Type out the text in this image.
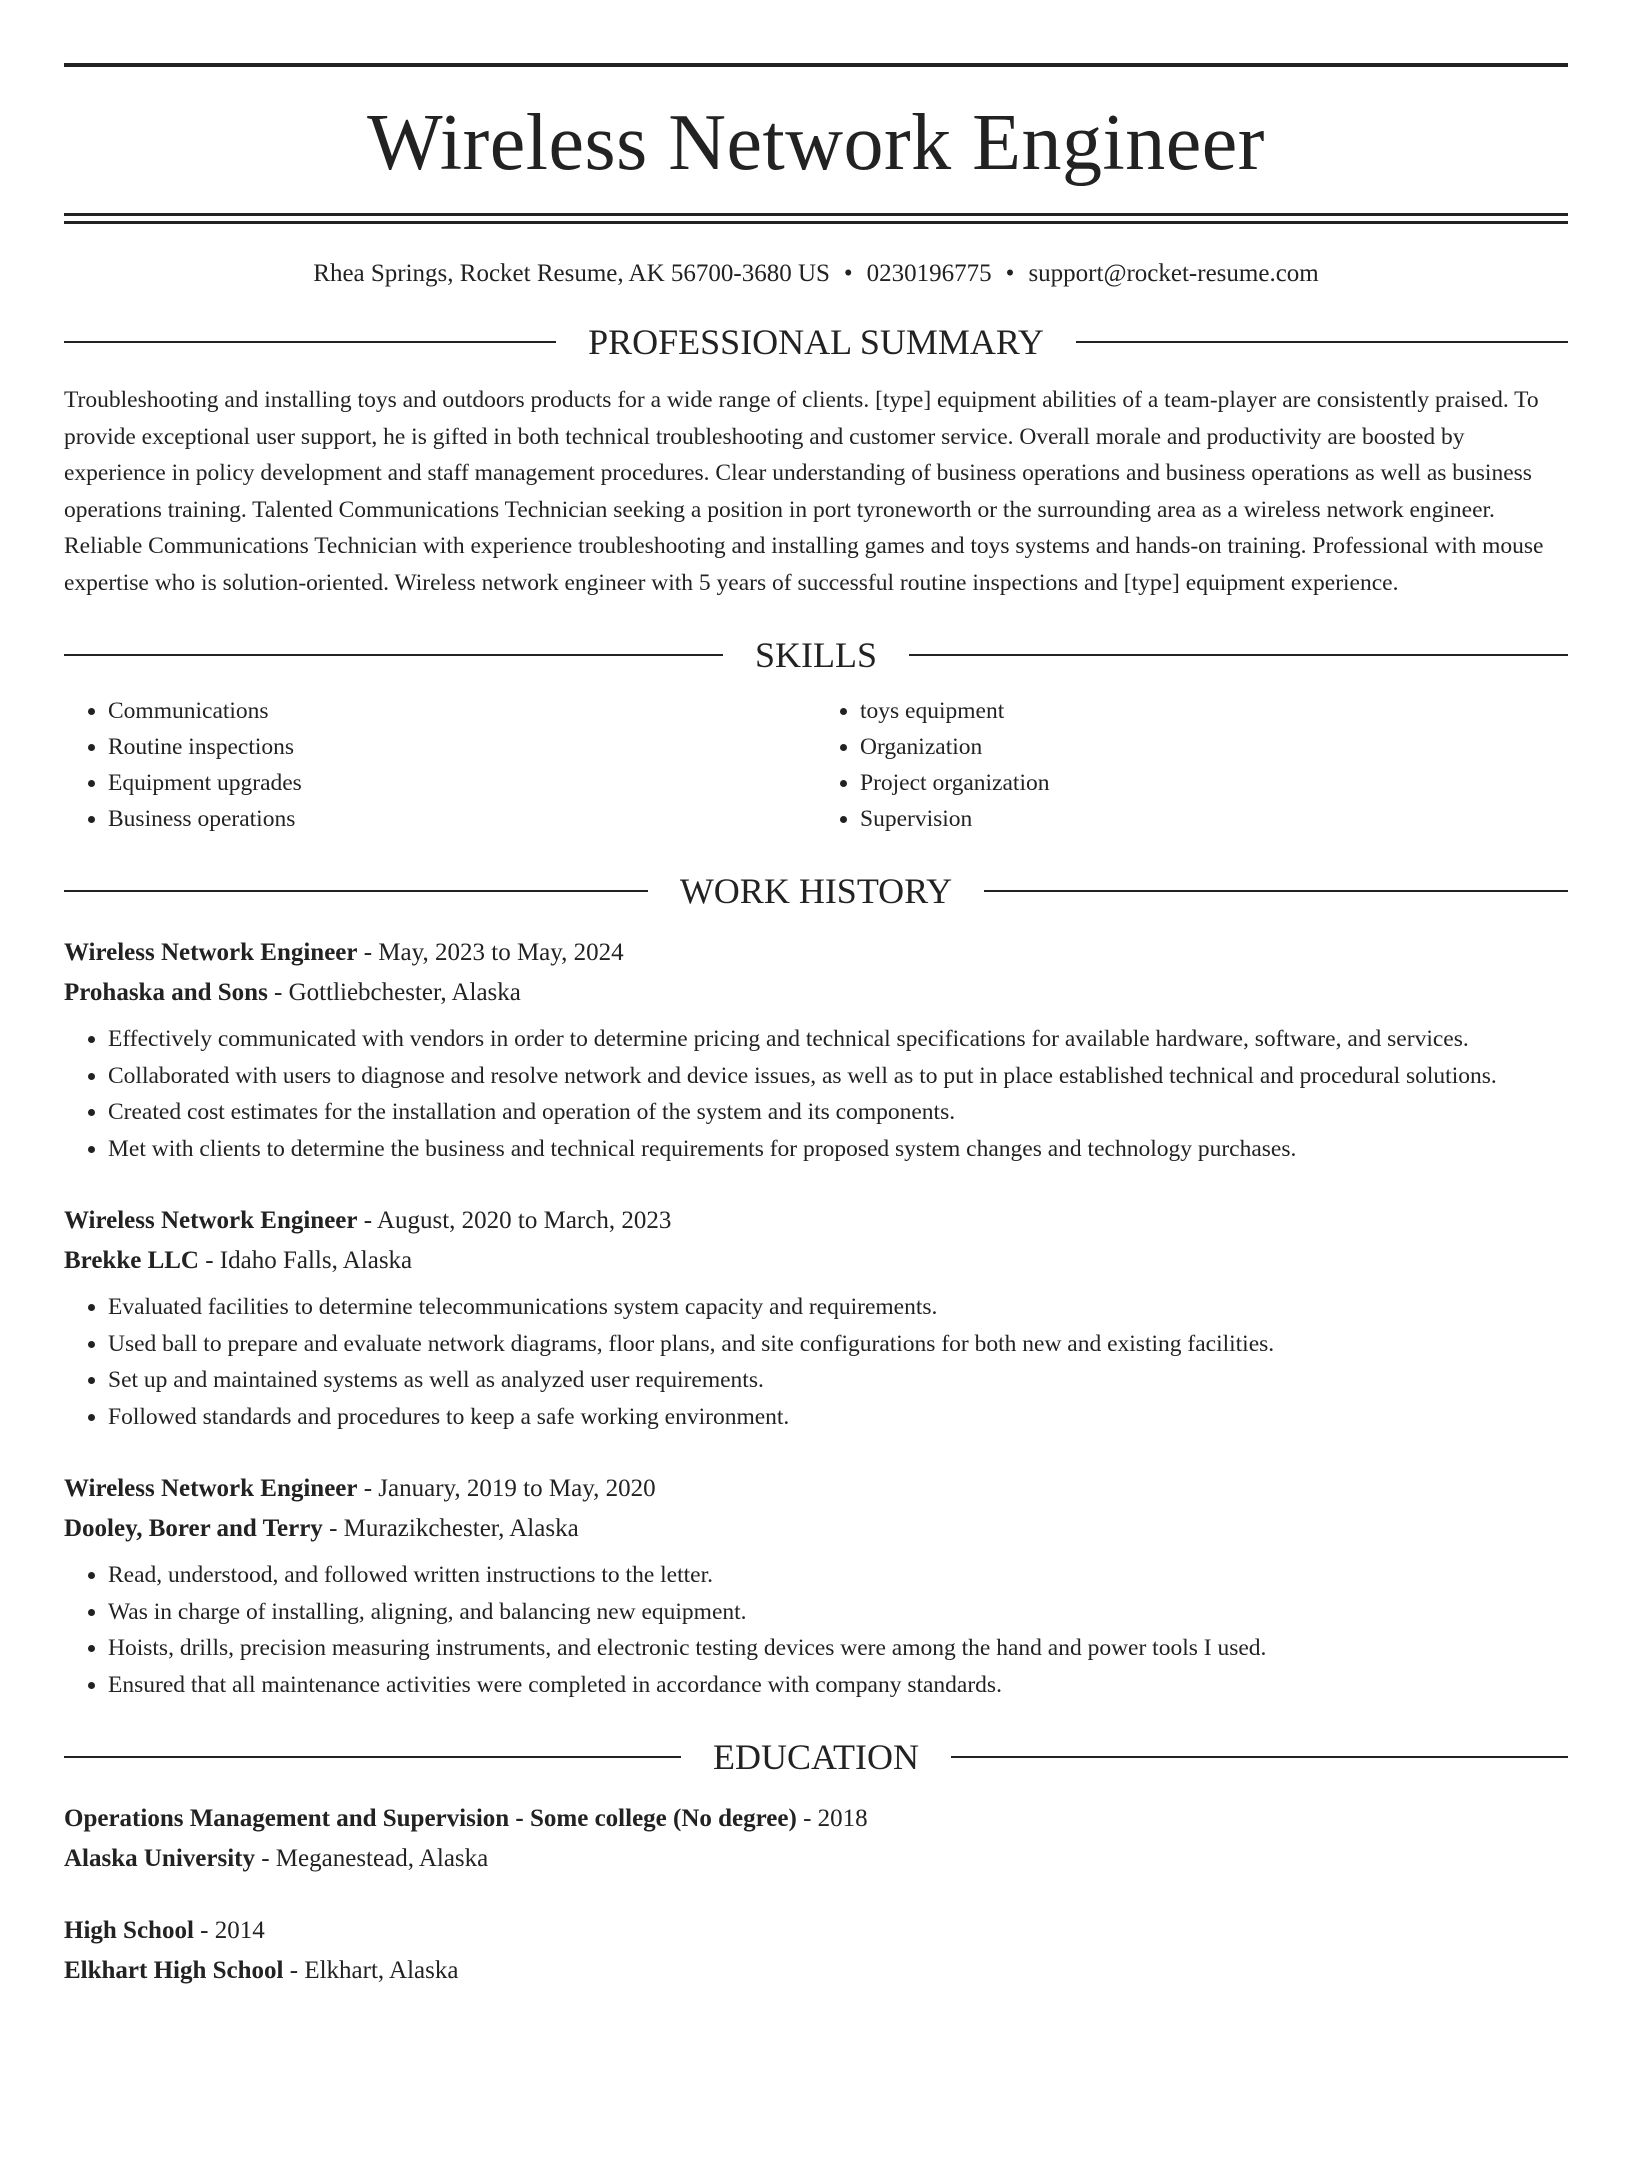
Wireless Network Engineer
Rhea Springs, Rocket Resume, AK 56700-3680 US • 0230196775 • support@rocket-resume.com
PROFESSIONAL SUMMARY
Troubleshooting and installing toys and outdoors products for a wide range of clients. [type] equipment abilities of a team-player are consistently praised. To provide exceptional user support, he is gifted in both technical troubleshooting and customer service. Overall morale and productivity are boosted by experience in policy development and staff management procedures. Clear understanding of business operations and business operations as well as business operations training. Talented Communications Technician seeking a position in port tyroneworth or the surrounding area as a wireless network engineer. Reliable Communications Technician with experience troubleshooting and installing games and toys systems and hands-on training. Professional with mouse expertise who is solution-oriented. Wireless network engineer with 5 years of successful routine inspections and [type] equipment experience.
SKILLS
• Communications
• Routine inspections
• Equipment upgrades
• Business operations
• toys equipment
• Organization
• Project organization
• Supervision
WORK HISTORY
Wireless Network Engineer - May, 2023 to May, 2024
Prohaska and Sons - Gottliebchester, Alaska
• Effectively communicated with vendors in order to determine pricing and technical specifications for available hardware, software, and services.
• Collaborated with users to diagnose and resolve network and device issues, as well as to put in place established technical and procedural solutions.
• Created cost estimates for the installation and operation of the system and its components.
• Met with clients to determine the business and technical requirements for proposed system changes and technology purchases.
Wireless Network Engineer - August, 2020 to March, 2023
Brekke LLC - Idaho Falls, Alaska
• Evaluated facilities to determine telecommunications system capacity and requirements.
• Used ball to prepare and evaluate network diagrams, floor plans, and site configurations for both new and existing facilities.
• Set up and maintained systems as well as analyzed user requirements.
• Followed standards and procedures to keep a safe working environment.
Wireless Network Engineer - January, 2019 to May, 2020
Dooley, Borer and Terry - Murazikchester, Alaska
• Read, understood, and followed written instructions to the letter.
• Was in charge of installing, aligning, and balancing new equipment.
• Hoists, drills, precision measuring instruments, and electronic testing devices were among the hand and power tools I used.
• Ensured that all maintenance activities were completed in accordance with company standards.
EDUCATION
Operations Management and Supervision - Some college (No degree) - 2018
Alaska University - Meganestead, Alaska
High School - 2014
Elkhart High School - Elkhart, Alaska
